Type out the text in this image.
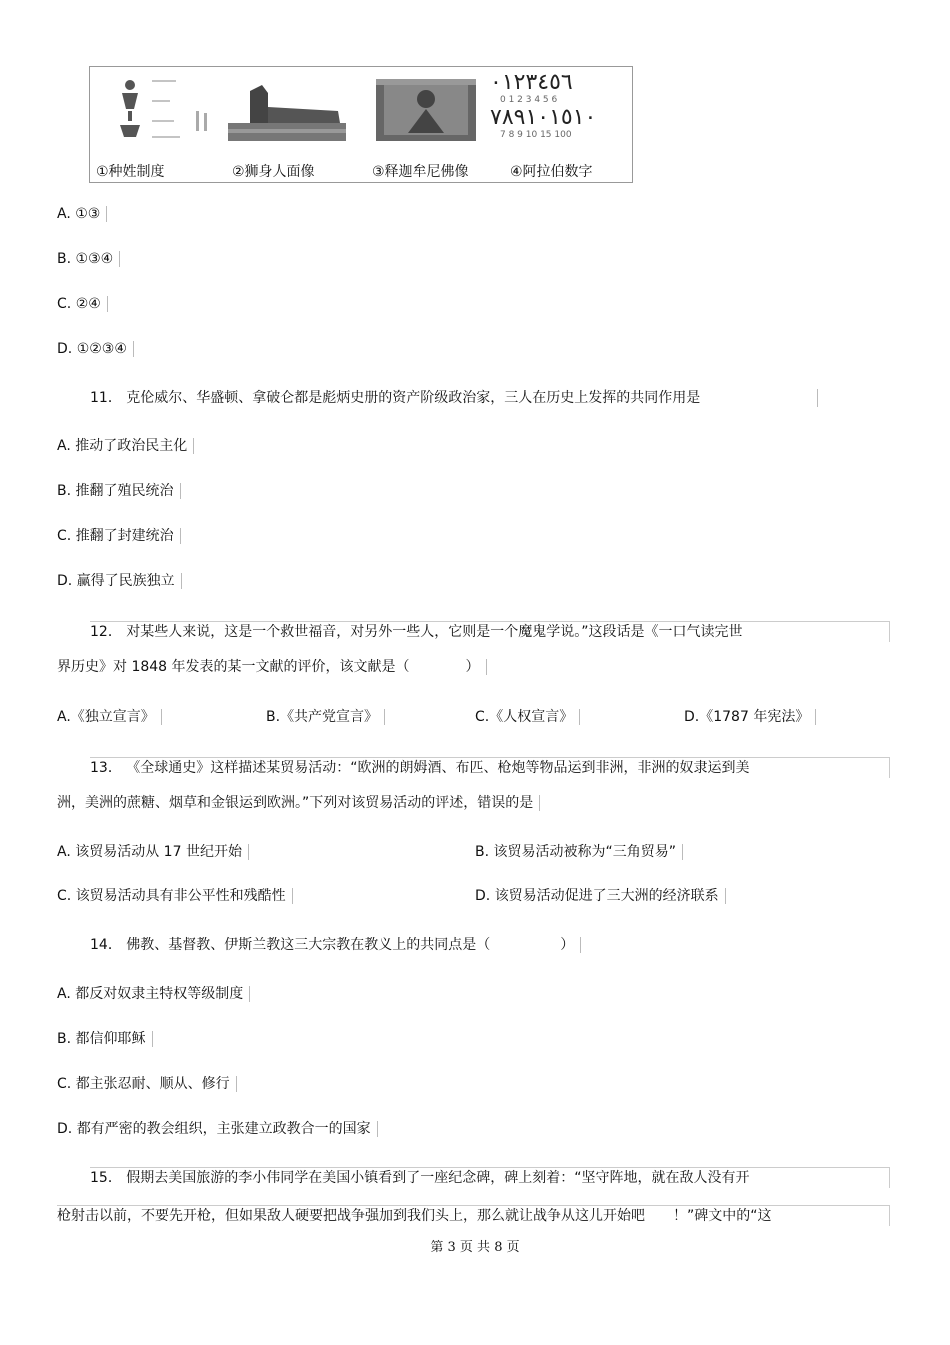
٠١٢٣٤٥٦
0 1 2 3 4 5 6
٧٨٩١٠١٥١٠
7 8 9 10 15 100
①种姓制度	②狮身人面像	③释迦牟尼佛像	④阿拉伯数字
A. ①③
B. ①③④
C. ②④
D. ①②③④
11． 克伦威尔、华盛顿、拿破仑都是彪炳史册的资产阶级政治家，三人在历史上发挥的共同作用是
A. 推动了政治民主化
B. 推翻了殖民统治
C. 推翻了封建统治
D. 赢得了民族独立
12． 对某些人来说，这是一个救世福音，对另外一些人，它则是一个魔鬼学说。”这段话是《一口气读完世
界历史》对 1848 年发表的某一文献的评价，该文献是（　　　　）
A.《独立宣言》	B.《共产党宣言》	C.《人权宣言》	D.《1787 年宪法》
13． 《全球通史》这样描述某贸易活动：“欧洲的朗姆酒、布匹、枪炮等物品运到非洲，非洲的奴隶运到美
洲，美洲的蔗糖、烟草和金银运到欧洲。”下列对该贸易活动的评述，错误的是
A. 该贸易活动从 17 世纪开始	B. 该贸易活动被称为“三角贸易”
C. 该贸易活动具有非公平性和残酷性	D. 该贸易活动促进了三大洲的经济联系
14． 佛教、基督教、伊斯兰教这三大宗教在教义上的共同点是（　　　　　）
A. 都反对奴隶主特权等级制度
B. 都信仰耶稣
C. 都主张忍耐、顺从、修行
D. 都有严密的教会组织，主张建立政教合一的国家
15． 假期去美国旅游的李小伟同学在美国小镇看到了一座纪念碑，碑上刻着：“坚守阵地，就在敌人没有开
枪射击以前，不要先开枪，但如果敌人硬要把战争强加到我们头上，那么就让战争从这儿开始吧　　！”碑文中的“这
第 3 页 共 8 页
